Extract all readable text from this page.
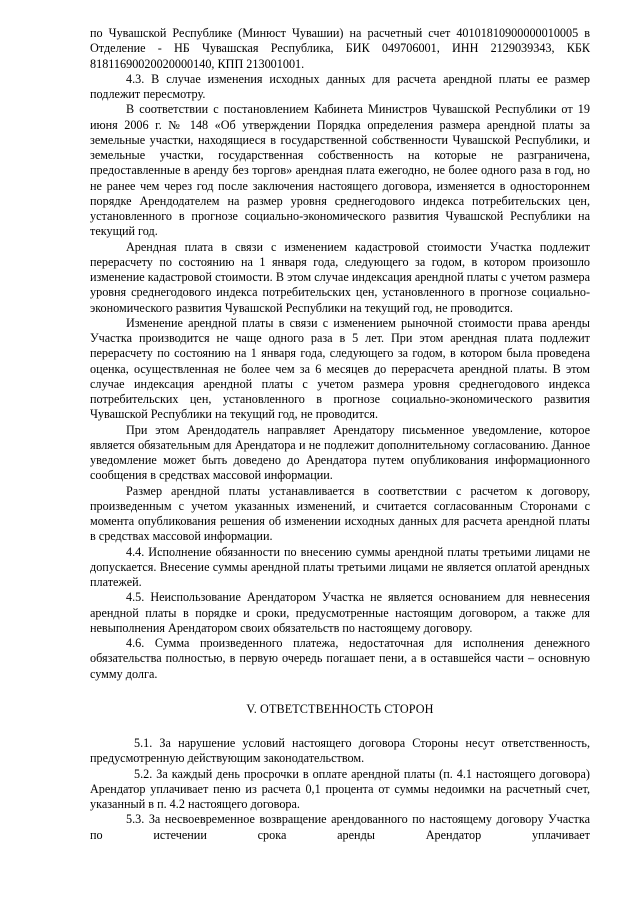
по Чувашской Республике (Минюст Чувашии) на расчетный счет 40101810900000010005 в Отделение - НБ Чувашская Республика, БИК 049706001, ИНН 2129039343, КБК 81811690020020000140, КПП 213001001.

4.3. В случае изменения исходных данных для расчета арендной платы ее размер подлежит пересмотру.

В соответствии с постановлением Кабинета Министров Чувашской Республики от 19 июня 2006 г. № 148 «Об утверждении Порядка определения размера арендной платы за земельные участки, находящиеся в государственной собственности Чувашской Республики, и земельные участки, государственная собственность на которые не разграничена, предоставленные в аренду без торгов» арендная плата ежегодно, не более одного раза в год, но не ранее чем через год после заключения настоящего договора, изменяется в одностороннем порядке Арендодателем на размер уровня среднегодового индекса потребительских цен, установленного в прогнозе социально-экономического развития Чувашской Республики на текущий год.

Арендная плата в связи с изменением кадастровой стоимости Участка подлежит перерасчету по состоянию на 1 января года, следующего за годом, в котором произошло изменение кадастровой стоимости. В этом случае индексация арендной платы с учетом размера уровня среднегодового индекса потребительских цен, установленного в прогнозе социально-экономического развития Чувашской Республики на текущий год, не проводится.

Изменение арендной платы в связи с изменением рыночной стоимости права аренды Участка производится не чаще одного раза в 5 лет. При этом арендная плата подлежит перерасчету по состоянию на 1 января года, следующего за годом, в котором была проведена оценка, осуществленная не более чем за 6 месяцев до перерасчета арендной платы. В этом случае индексация арендной платы с учетом размера уровня среднегодового индекса потребительских цен, установленного в прогнозе социально-экономического развития Чувашской Республики на текущий год, не проводится.

При этом Арендодатель направляет Арендатору письменное уведомление, которое является обязательным для Арендатора и не подлежит дополнительному согласованию. Данное уведомление может быть доведено до Арендатора путем опубликования информационного сообщения в средствах массовой информации.

Размер арендной платы устанавливается в соответствии с расчетом к договору, произведенным с учетом указанных изменений, и считается согласованным Сторонами с момента опубликования решения об изменении исходных данных для расчета арендной платы в средствах массовой информации.

4.4. Исполнение обязанности по внесению суммы арендной платы третьими лицами не допускается. Внесение суммы арендной платы третьими лицами не является оплатой арендных платежей.

4.5. Неиспользование Арендатором Участка не является основанием для невнесения арендной платы в порядке и сроки, предусмотренные настоящим договором, а также для невыполнения Арендатором своих обязательств по настоящему договору.

4.6. Сумма произведенного платежа, недостаточная для исполнения денежного обязательства полностью, в первую очередь погашает пени, а в оставшейся части – основную сумму долга.

V. ОТВЕТСТВЕННОСТЬ СТОРОН

5.1. За нарушение условий настоящего договора Стороны несут ответственность, предусмотренную действующим законодательством.

5.2. За каждый день просрочки в оплате арендной платы (п. 4.1 настоящего договора) Арендатор уплачивает пеню из расчета 0,1 процента от суммы недоимки на расчетный счет, указанный в п. 4.2 настоящего договора.

5.3. За несвоевременное возвращение арендованного по настоящему договору Участка по истечении срока аренды Арендатор уплачивает
